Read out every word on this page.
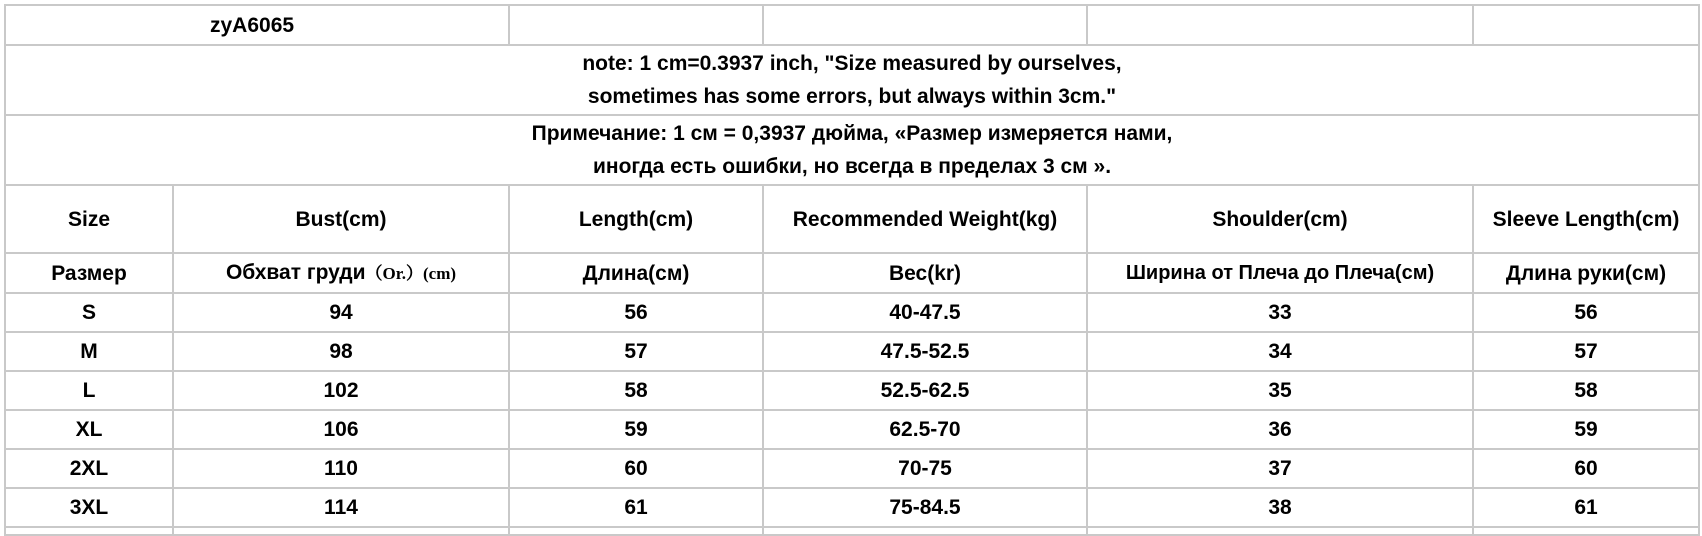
zyA6065					

note: 1 cm=0.3937 inch, "Size measured by ourselves,
sometimes has some errors, but always within 3cm."					

Примечание: 1 см = 0,3937 дюйма, «Размер измеряется нами,
иногда есть ошибки, но всегда в пределах 3 см ».					

Size	Bust(cm)	Length(cm)	Recommended Weight(kg)	Shoulder(cm)	Sleeve Length(cm)
Размер	Обхват груди（Or.）(cm)	Длина(см)	Вес(kr)	Ширина от Плеча до Плеча(см)	Длина руки(см)
S	94	56	40-47.5	33	56
M	98	57	47.5-52.5	34	57
L	102	58	52.5-62.5	35	58
XL	106	59	62.5-70	36	59
2XL	110	60	70-75	37	60
3XL	114	61	75-84.5	38	61
